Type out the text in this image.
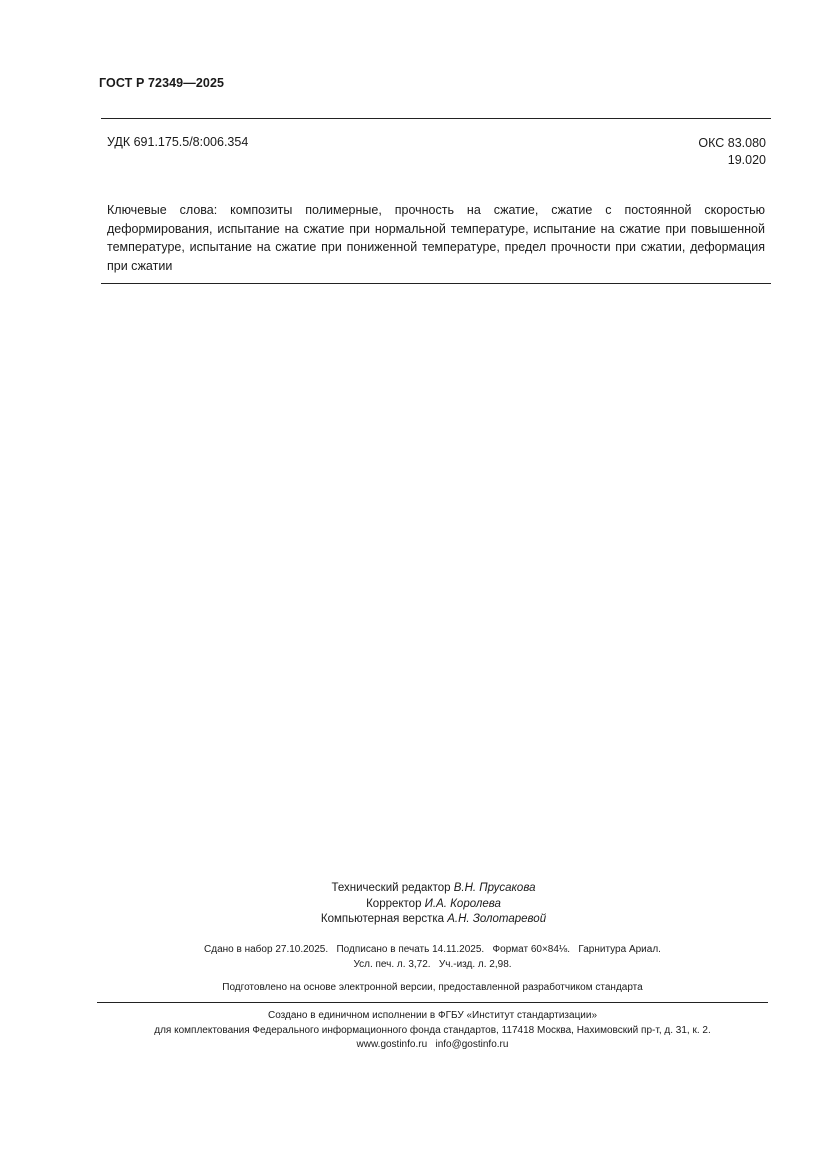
ГОСТ Р 72349—2025
УДК 691.175.5/8:006.354	ОКС 83.080
19.020
Ключевые слова: композиты полимерные, прочность на сжатие, сжатие с постоянной скоростью деформирования, испытание на сжатие при нормальной температуре, испытание на сжатие при повышенной температуре, испытание на сжатие при пониженной температуре, предел прочности при сжатии, деформация при сжатии
Технический редактор В.Н. Прусакова
Корректор И.А. Королева
Компьютерная верстка А.Н. Золотаревой
Сдано в набор 27.10.2025.   Подписано в печать 14.11.2025.   Формат 60×84⅛.   Гарнитура Ариал.
Усл. печ. л. 3,72.   Уч.-изд. л. 2,98.
Подготовлено на основе электронной версии, предоставленной разработчиком стандарта
Создано в единичном исполнении в ФГБУ «Институт стандартизации»
для комплектования Федерального информационного фонда стандартов, 117418 Москва, Нахимовский пр-т, д. 31, к. 2.
www.gostinfo.ru   info@gostinfo.ru
